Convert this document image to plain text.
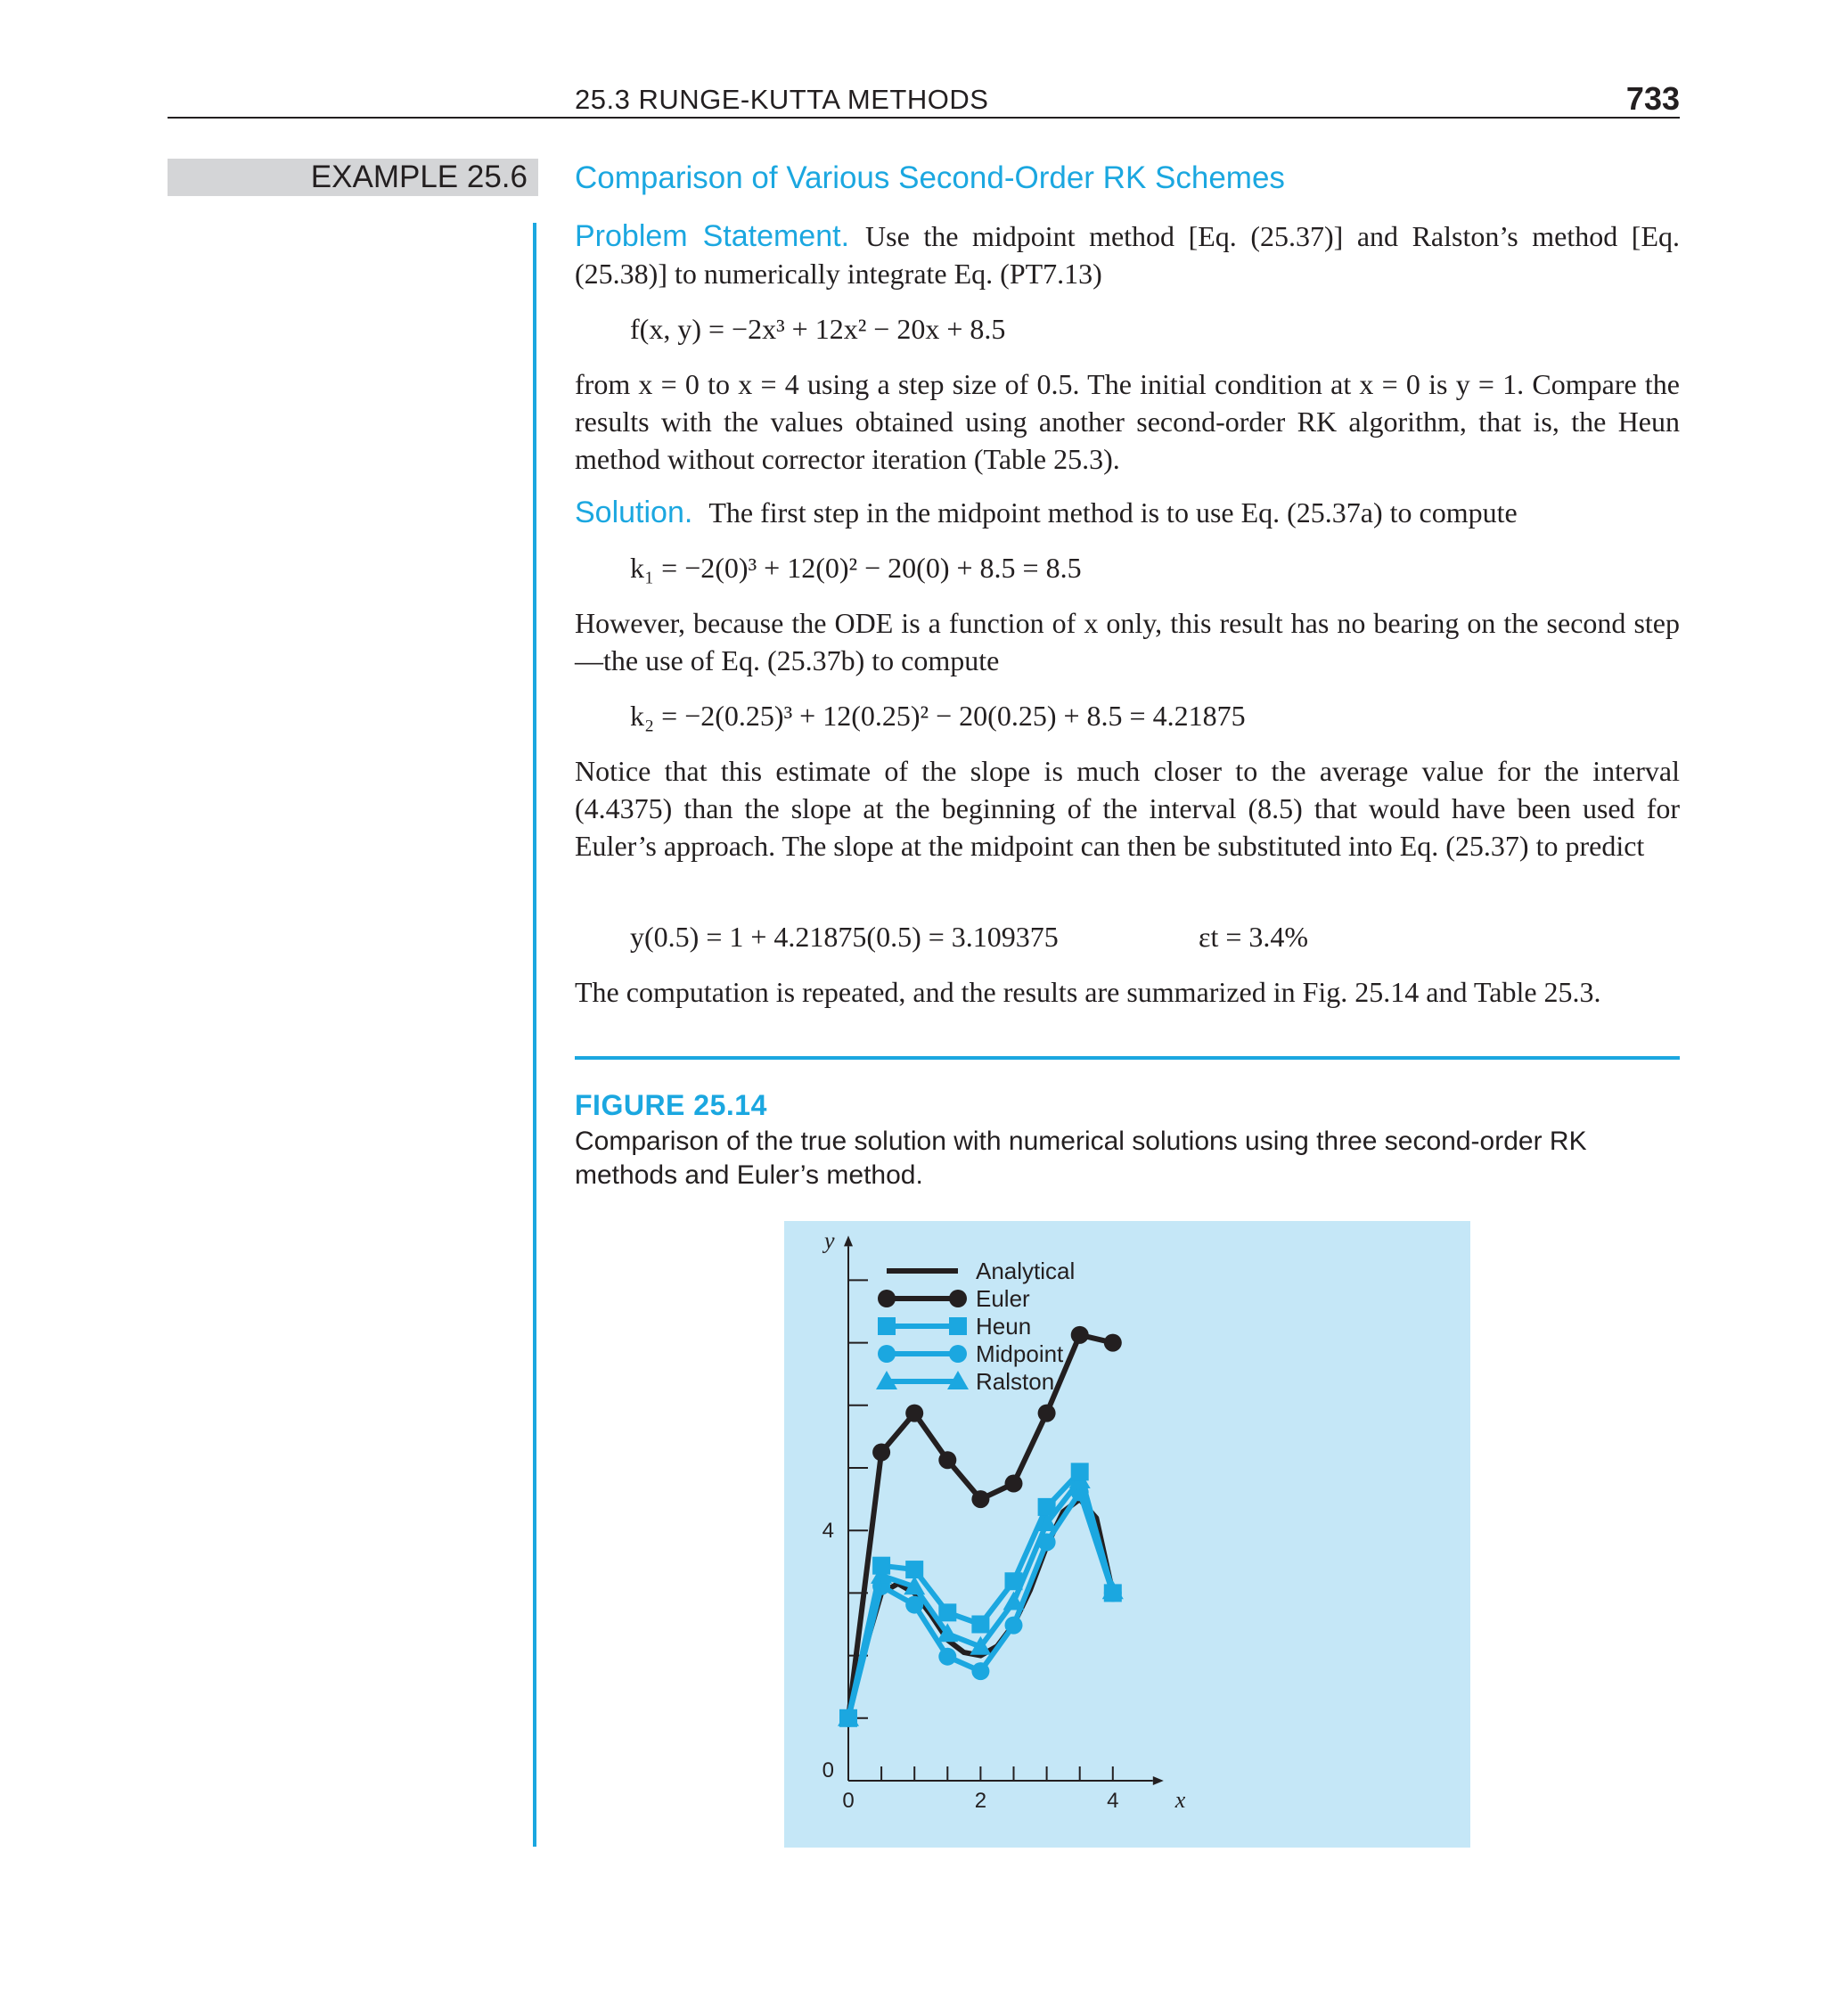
25.3 RUNGE-KUTTA METHODS	733
EXAMPLE 25.6 Comparison of Various Second-Order RK Schemes
Problem Statement. Use the midpoint method [Eq. (25.37)] and Ralston’s method [Eq. (25.38)] to numerically integrate Eq. (PT7.13)
f(x, y) = −2x³ + 12x² − 20x + 8.5
from x = 0 to x = 4 using a step size of 0.5. The initial condition at x = 0 is y = 1. Compare the results with the values obtained using another second-order RK algorithm, that is, the Heun method without corrector iteration (Table 25.3).
Solution. The first step in the midpoint method is to use Eq. (25.37a) to compute
k₁ = −2(0)³ + 12(0)² − 20(0) + 8.5 = 8.5
However, because the ODE is a function of x only, this result has no bearing on the second step—the use of Eq. (25.37b) to compute
k₂ = −2(0.25)³ + 12(0.25)² − 20(0.25) + 8.5 = 4.21875
Notice that this estimate of the slope is much closer to the average value for the interval (4.4375) than the slope at the beginning of the interval (8.5) that would have been used for Euler’s approach. The slope at the midpoint can then be substituted into Eq. (25.37) to predict
y(0.5) = 1 + 4.21875(0.5) = 3.109375	εt = 3.4%
The computation is repeated, and the results are summarized in Fig. 25.14 and Table 25.3.
FIGURE 25.14
Comparison of the true solution with numerical solutions using three second-order RK methods and Euler’s method.
0	2	4
0
4
x
y
Analytical
Euler
Heun
Midpoint
Ralston
